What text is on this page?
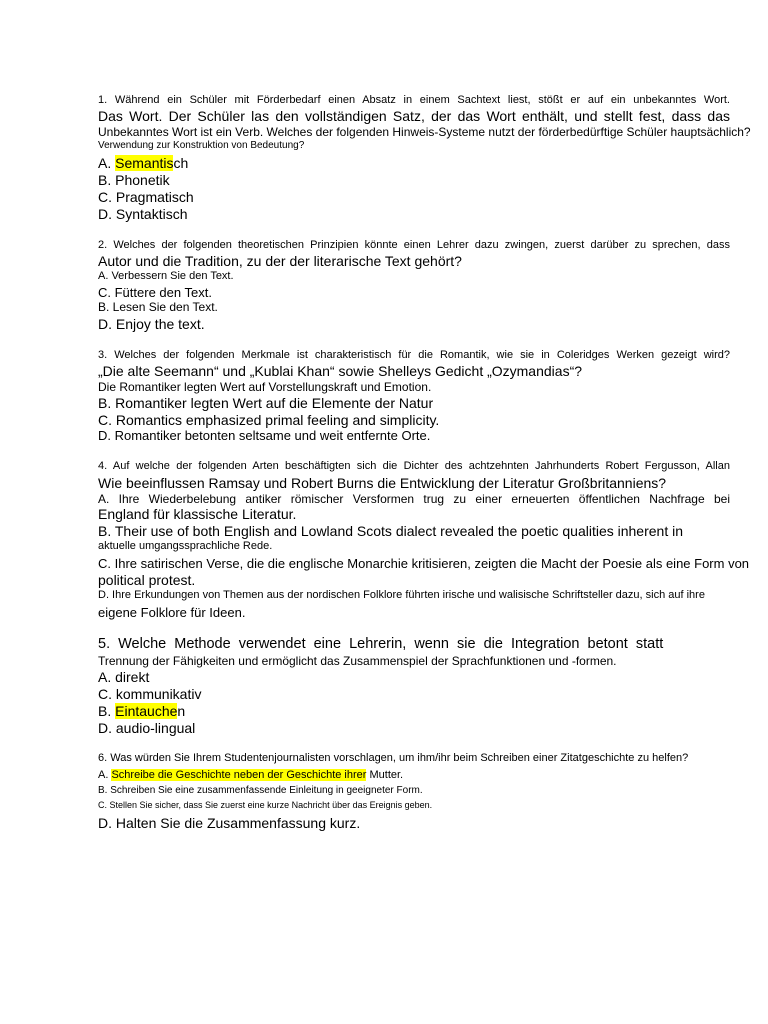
1. Während ein Schüler mit Förderbedarf einen Absatz in einem Sachtext liest, stößt er auf ein unbekanntes Wort.
Das Wort. Der Schüler las den vollständigen Satz, der das Wort enthält, und stellt fest, dass das
Unbekanntes Wort ist ein Verb. Welches der folgenden Hinweis-Systeme nutzt der förderbedürftige Schüler hauptsächlich?
Verwendung zur Konstruktion von Bedeutung?
A. Semantisch
B. Phonetik
C. Pragmatisch
D. Syntaktisch
2. Welches der folgenden theoretischen Prinzipien könnte einen Lehrer dazu zwingen, zuerst darüber zu sprechen, dass
Autor und die Tradition, zu der der literarische Text gehört?
A. Verbessern Sie den Text.
C. Füttere den Text.
B. Lesen Sie den Text.
D. Enjoy the text.
3. Welches der folgenden Merkmale ist charakteristisch für die Romantik, wie sie in Coleridges Werken gezeigt wird?
„Die alte Seemann“ und „Kublai Khan“ sowie Shelleys Gedicht „Ozymandias“?
Die Romantiker legten Wert auf Vorstellungskraft und Emotion.
B. Romantiker legten Wert auf die Elemente der Natur
C. Romantics emphasized primal feeling and simplicity.
D. Romantiker betonten seltsame und weit entfernte Orte.
4. Auf welche der folgenden Arten beschäftigten sich die Dichter des achtzehnten Jahrhunderts Robert Fergusson, Allan
Wie beeinflussen Ramsay und Robert Burns die Entwicklung der Literatur Großbritanniens?
A. Ihre Wiederbelebung antiker römischer Versformen trug zu einer erneuerten öffentlichen Nachfrage bei
England für klassische Literatur.
B. Their use of both English and Lowland Scots dialect revealed the poetic qualities inherent in
aktuelle umgangssprachliche Rede.
C. Ihre satirischen Verse, die die englische Monarchie kritisieren, zeigten die Macht der Poesie als eine Form von
political protest.
D. Ihre Erkundungen von Themen aus der nordischen Folklore führten irische und walisische Schriftsteller dazu, sich auf ihre
eigene Folklore für Ideen.
5. Welche Methode verwendet eine Lehrerin, wenn sie die Integration betont statt
Trennung der Fähigkeiten und ermöglicht das Zusammenspiel der Sprachfunktionen und -formen.
A. direkt
C. kommunikativ
B. Eintauchen
D. audio-lingual
6. Was würden Sie Ihrem Studentenjournalisten vorschlagen, um ihm/ihr beim Schreiben einer Zitatgeschichte zu helfen?
A. Schreibe die Geschichte neben der Geschichte ihrer Mutter.
B. Schreiben Sie eine zusammenfassende Einleitung in geeigneter Form.
C. Stellen Sie sicher, dass Sie zuerst eine kurze Nachricht über das Ereignis geben.
D. Halten Sie die Zusammenfassung kurz.
